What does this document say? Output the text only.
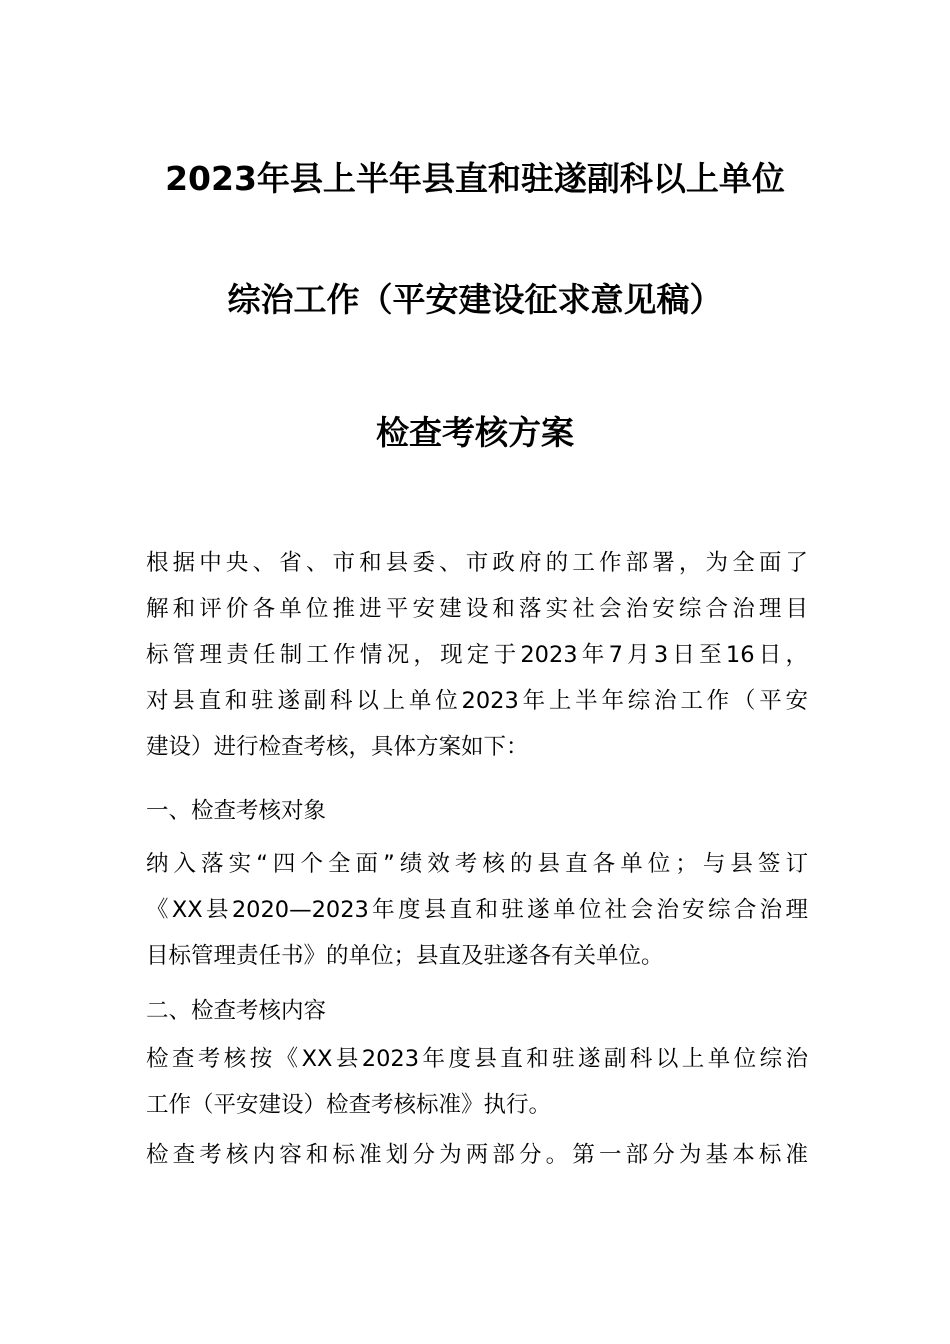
2023年县上半年县直和驻遂副科以上单位
综治工作（平安建设征求意见稿）
检查考核方案
根据中央、省、市和县委、市政府的工作部署，为全面了
解和评价各单位推进平安建设和落实社会治安综合治理目
标管理责任制工作情况，现定于2023年7月3日至16日，
对县直和驻遂副科以上单位2023年上半年综治工作（平安
建设）进行检查考核，具体方案如下：
一、检查考核对象
纳入落实“四个全面”绩效考核的县直各单位；与县签订
《XX县2020—2023年度县直和驻遂单位社会治安综合治理
目标管理责任书》的单位；县直及驻遂各有关单位。
二、检查考核内容
检查考核按《XX县2023年度县直和驻遂副科以上单位综治
工作（平安建设）检查考核标准》执行。
检查考核内容和标准划分为两部分。第一部分为基本标准
